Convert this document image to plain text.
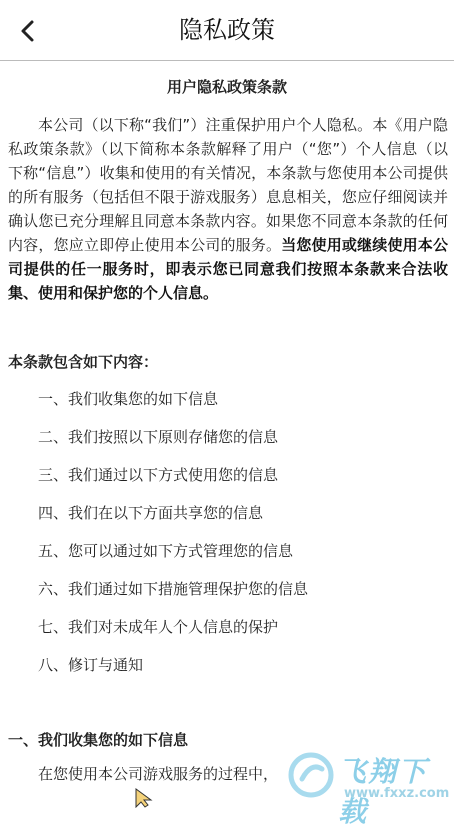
隐私政策
用户隐私政策条款

本公司（以下称“我们”）注重保护用户个人隐私。本《用户隐私政策条款》（以下简称本条款解释了用户（“您”）个人信息（以下称“信息”）收集和使用的有关情况，本条款与您使用本公司提供的所有服务（包括但不限于游戏服务）息息相关，您应仔细阅读并确认您已充分理解且同意本条款内容。如果您不同意本条款的任何内容，您应立即停止使用本公司的服务。当您使用或继续使用本公司提供的任一服务时，即表示您已同意我们按照本条款来合法收集、使用和保护您的个人信息。

本条款包含如下内容：
一、我们收集您的如下信息
二、我们按照以下原则存储您的信息
三、我们通过以下方式使用您的信息
四、我们在以下方面共享您的信息
五、您可以通过如下方式管理您的信息
六、我们通过如下措施管理保护您的信息
七、我们对未成年人个人信息的保护
八、修订与通知
一、我们收集您的如下信息
在您使用本公司游戏服务的过程中， 飞翔下载
www.fxxz.com
